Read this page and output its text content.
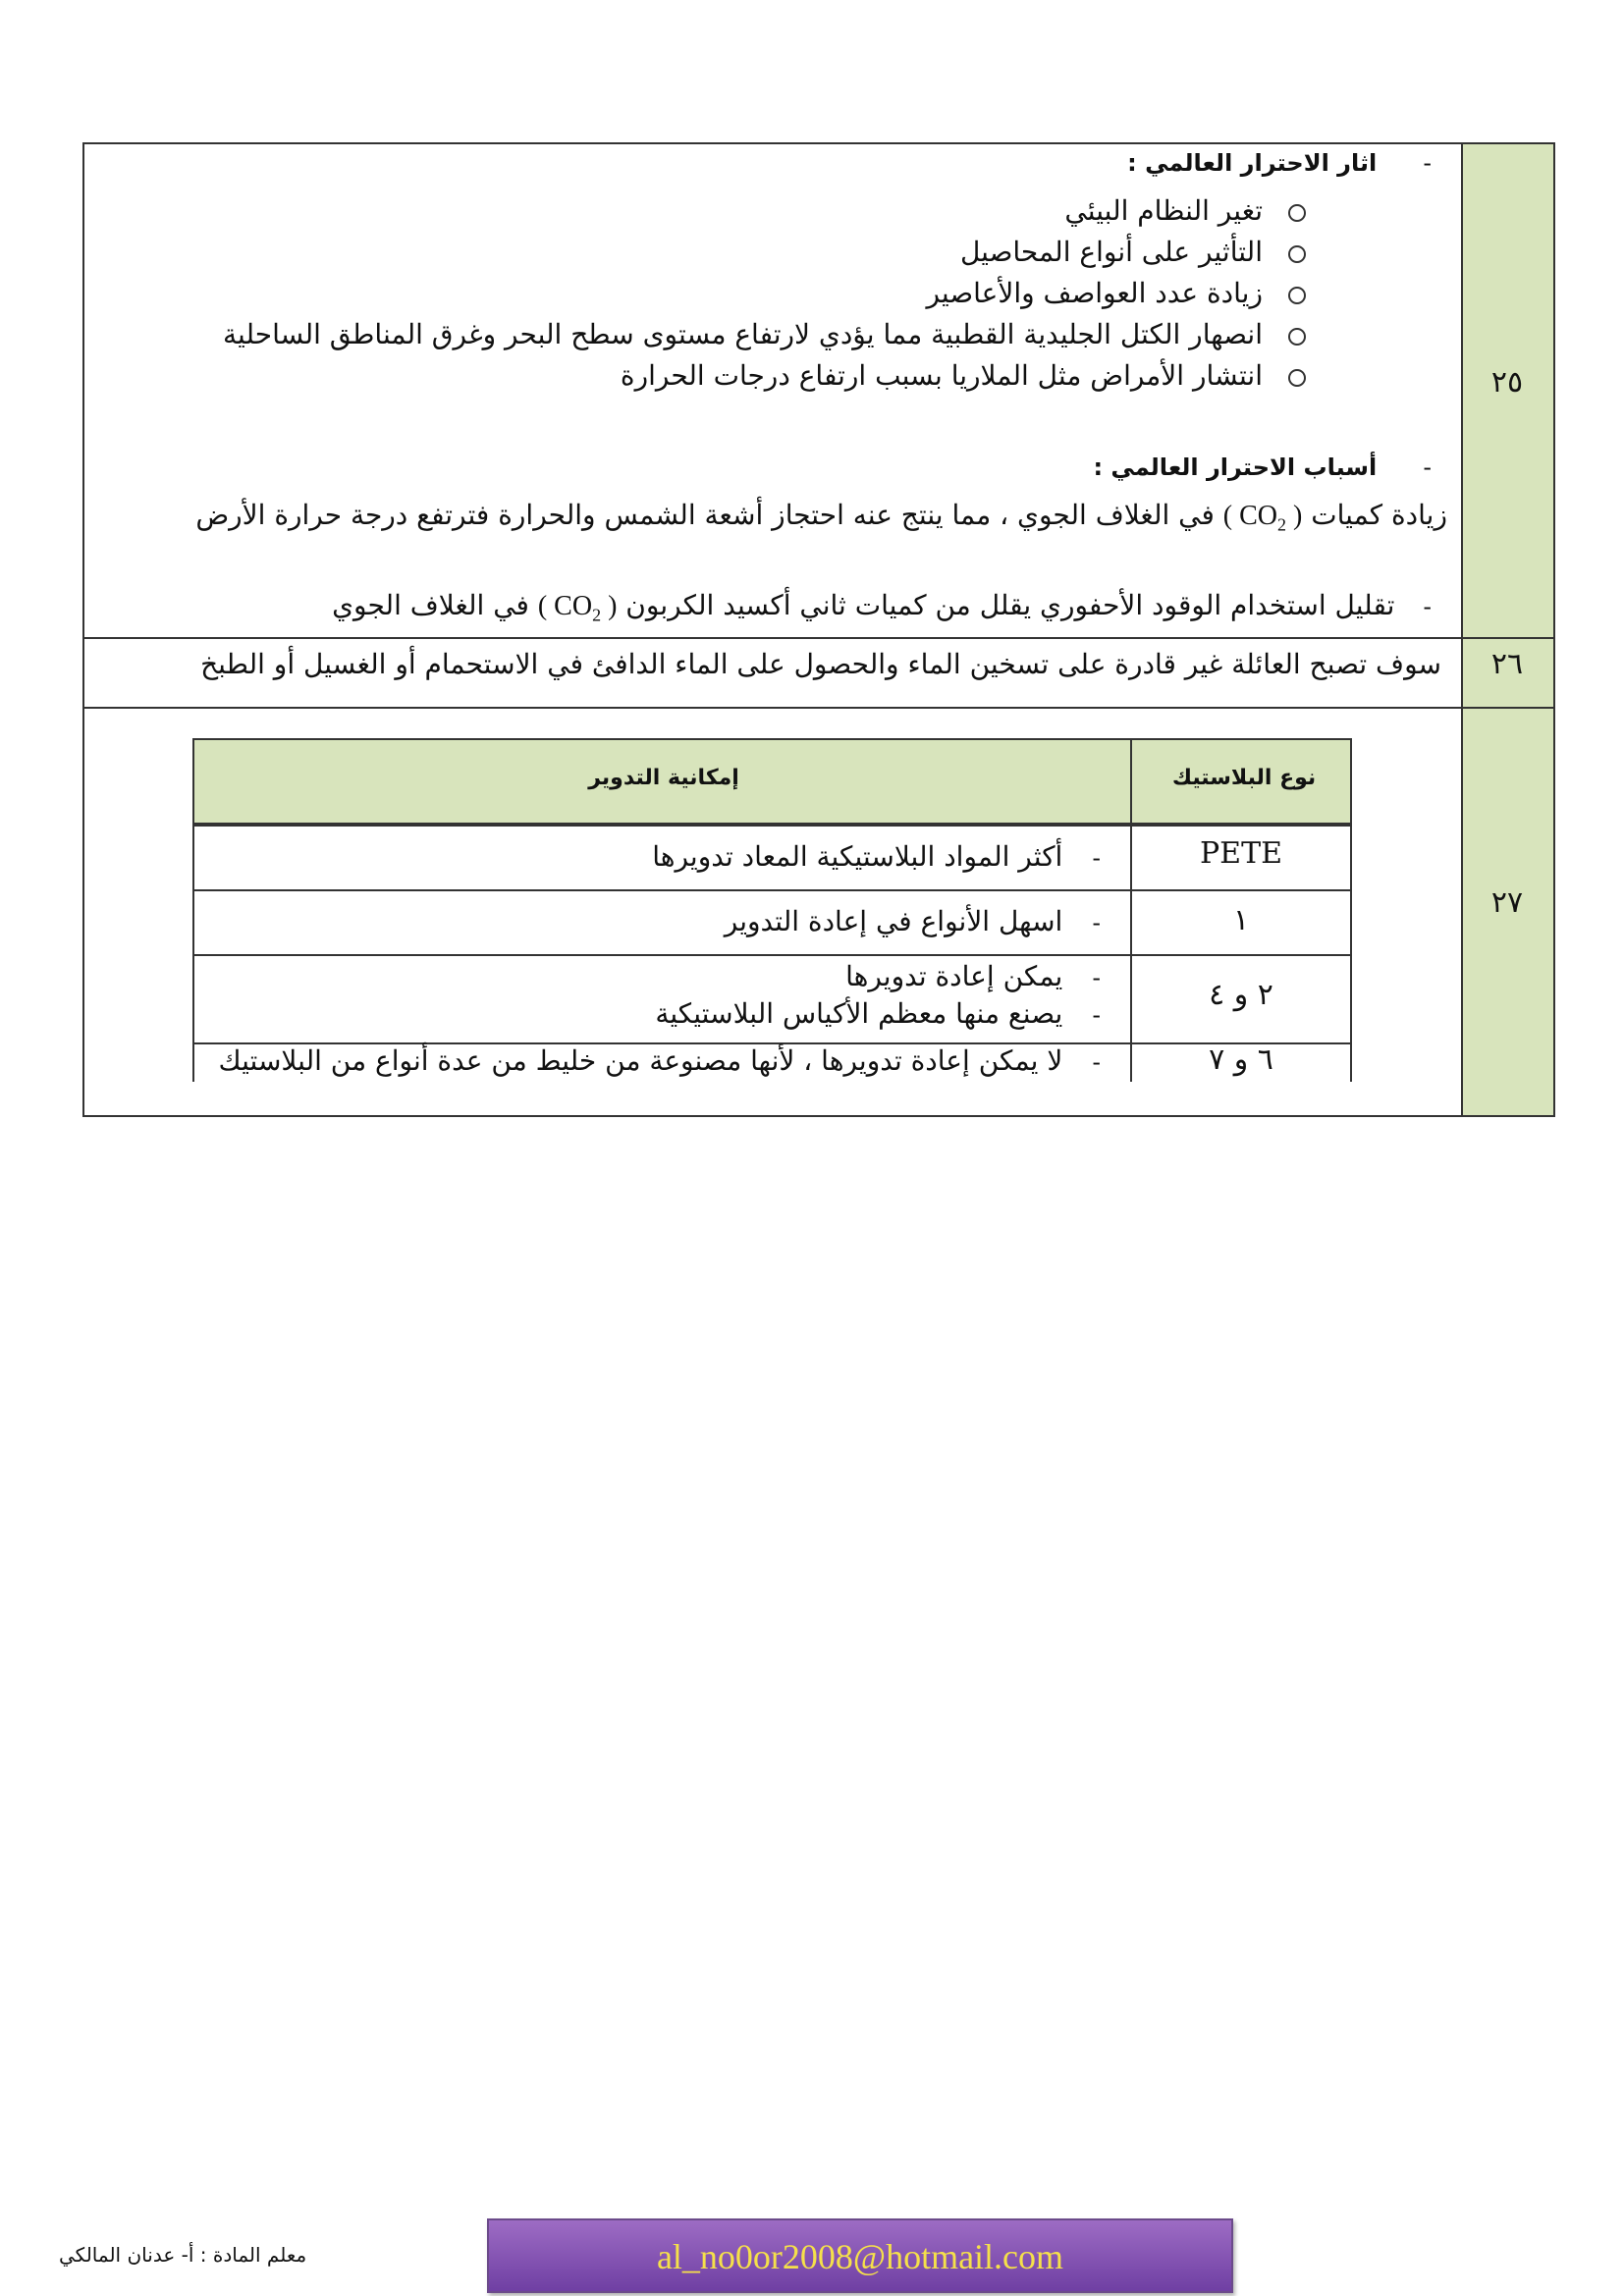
٢٥
٢٦
٢٧
- اثار الاحترار العالمي :
تغير النظام البيئي
التأثير على أنواع المحاصيل
زيادة عدد العواصف والأعاصير
انصهار الكتل الجليدية القطبية مما يؤدي لارتفاع مستوى سطح البحر وغرق المناطق الساحلية
انتشار الأمراض مثل الملاريا بسبب ارتفاع درجات الحرارة
- أسباب الاحترار العالمي :
زيادة كميات ( $CO_2$ ) في الغلاف الجوي ، مما ينتج عنه احتجاز أشعة الشمس والحرارة فترتفع درجة حرارة الأرض
- تقليل استخدام الوقود الأحفوري يقلل من كميات ثاني أكسيد الكربون ( $CO_2$ ) في الغلاف الجوي
سوف تصبح العائلة غير قادرة على تسخين الماء والحصول على الماء الدافئ في الاستحمام أو الغسيل أو الطبخ
نوع البلاستيك
إمكانية التدوير
PETE
١
٢ و ٤
٦ و ٧
-أكثر المواد البلاستيكية المعاد تدويرها
-اسهل الأنواع في إعادة التدوير
-يمكن إعادة تدويرها
-يصنع منها معظم الأكياس البلاستيكية
-لا يمكن إعادة تدويرها ، لأنها مصنوعة من خليط من عدة أنواع من البلاستيك
al_no0or2008@hotmail.com
معلم المادة : أ- عدنان المالكي
